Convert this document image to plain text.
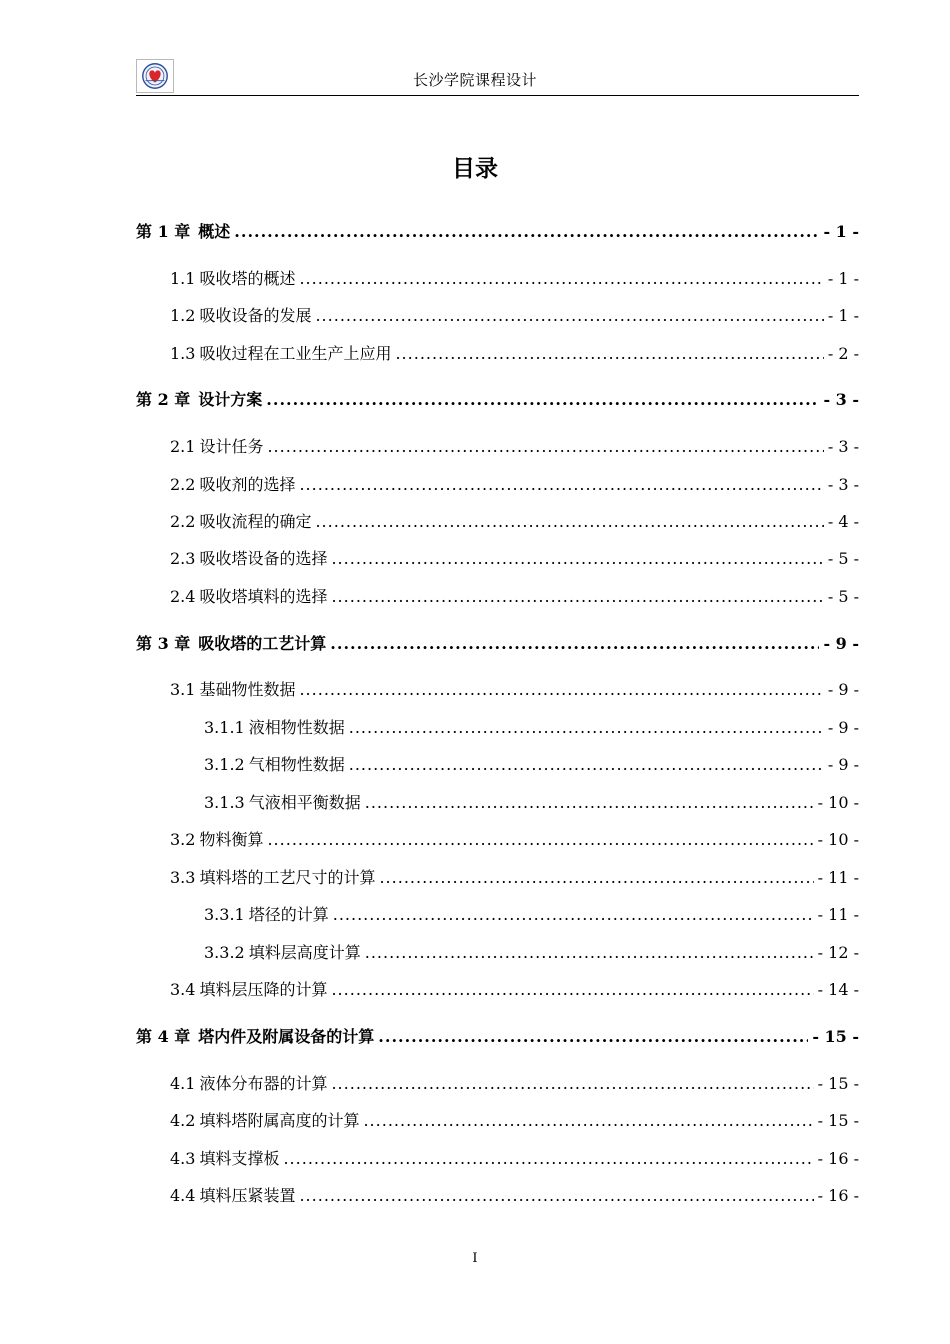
长沙学院课程设计
目录
第 1 章 概述 .....	- 1 -
1.1 吸收塔的概述 .....	- 1 -
1.2 吸收设备的发展 .....	- 1 -
1.3 吸收过程在工业生产上应用 .....	- 2 -
第 2 章 设计方案 .....	- 3 -
2.1 设计任务 .....	- 3 -
2.2 吸收剂的选择 .....	- 3 -
2.2 吸收流程的确定 .....	- 4 -
2.3 吸收塔设备的选择 .....	- 5 -
2.4 吸收塔填料的选择 .....	- 5 -
第 3 章 吸收塔的工艺计算 .....	- 9 -
3.1 基础物性数据 .....	- 9 -
3.1.1 液相物性数据 .....	- 9 -
3.1.2 气相物性数据 .....	- 9 -
3.1.3 气液相平衡数据 .....	- 10 -
3.2 物料衡算 .....	- 10 -
3.3 填料塔的工艺尺寸的计算 .....	- 11 -
3.3.1 塔径的计算 .....	- 11 -
3.3.2 填料层高度计算 .....	- 12 -
3.4 填料层压降的计算 .....	- 14 -
第 4 章 塔内件及附属设备的计算 .....	- 15 -
4.1 液体分布器的计算 .....	- 15 -
4.2 填料塔附属高度的计算 .....	- 15 -
4.3 填料支撑板 .....	- 16 -
4.4 填料压紧装置 .....	- 16 -
I
